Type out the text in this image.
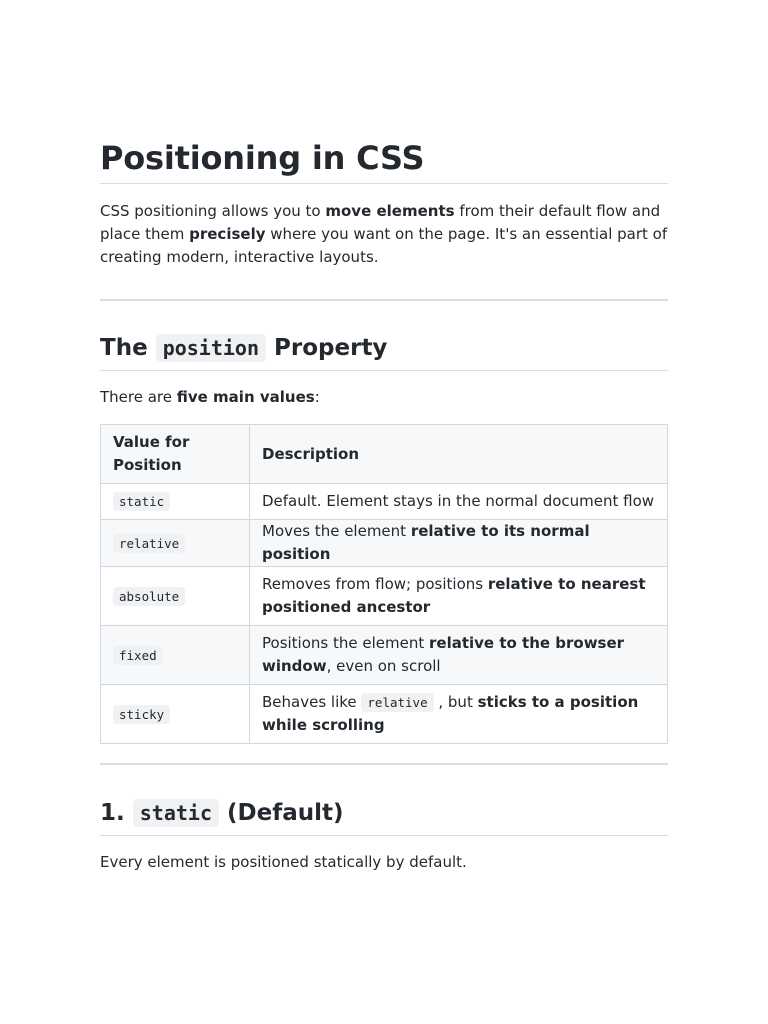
Positioning in CSS

CSS positioning allows you to move elements from their default flow and place them precisely where you want on the page. It's an essential part of creating modern, interactive layouts.

The position Property

There are five main values:

Value for Position	Description
static	Default. Element stays in the normal document flow
relative	Moves the element relative to its normal position
absolute	Removes from flow; positions relative to nearest positioned ancestor
fixed	Positions the element relative to the browser window, even on scroll
sticky	Behaves like relative , but sticks to a position while scrolling
1. static (Default)

Every element is positioned statically by default.
